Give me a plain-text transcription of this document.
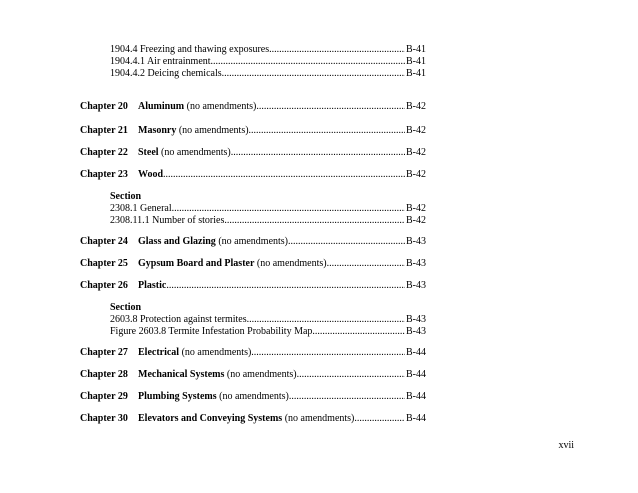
1904.4 Freezing and thawing exposures .....	B-41
1904.4.1 Air entrainment .....	B-41
1904.4.2 Deicing chemicals .....	B-41
Chapter 20 Aluminum (no amendments) .....	B-42
Chapter 21 Masonry (no amendments) .....	B-42
Chapter 22 Steel (no amendments) .....	B-42
Chapter 23 Wood .....	B-42
Section
2308.1 General .....	B-42
2308.11.1 Number of stories .....	B-42
Chapter 24 Glass and Glazing (no amendments) .....	B-43
Chapter 25 Gypsum Board and Plaster (no amendments) .....	B-43
Chapter 26 Plastic .....	B-43
Section
2603.8 Protection against termites .....	B-43
Figure 2603.8 Termite Infestation Probability Map .....	B-43
Chapter 27 Electrical (no amendments) .....	B-44
Chapter 28 Mechanical Systems (no amendments) .....	B-44
Chapter 29 Plumbing Systems (no amendments) .....	B-44
Chapter 30 Elevators and Conveying Systems (no amendments) .....	B-44
xvii
